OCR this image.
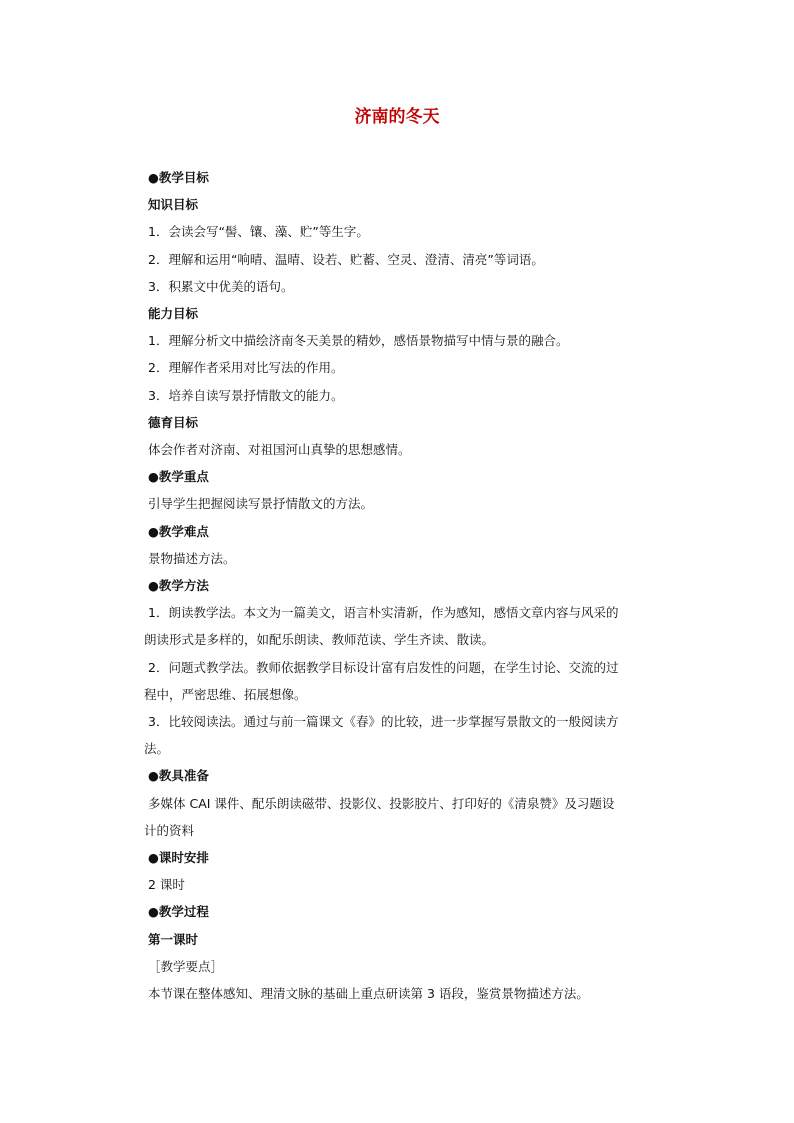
济南的冬天
●教学目标
知识目标
1．会读会写“髻、镶、藻、贮”等生字。
2．理解和运用“响晴、温晴、设若、贮蓄、空灵、澄清、清亮”等词语。
3．积累文中优美的语句。
能力目标
1．理解分析文中描绘济南冬天美景的精妙，感悟景物描写中情与景的融合。
2．理解作者采用对比写法的作用。
3．培养自读写景抒情散文的能力。
德育目标
体会作者对济南、对祖国河山真挚的思想感情。
●教学重点
引导学生把握阅读写景抒情散文的方法。
●教学难点
景物描述方法。
●教学方法
1．朗读教学法。本文为一篇美文，语言朴实清新，作为感知，感悟文章内容与风采的
朗读形式是多样的，如配乐朗读、教师范读、学生齐读、散读。
2．问题式教学法。教师依据教学目标设计富有启发性的问题，在学生讨论、交流的过
程中，严密思维、拓展想像。
3．比较阅读法。通过与前一篇课文《春》的比较，进一步掌握写景散文的一般阅读方
法。
●教具准备
多媒体 CAI 课件、配乐朗读磁带、投影仪、投影胶片、打印好的《清泉赞》及习题设
计的资料
●课时安排
2 课时
●教学过程
第一课时
［教学要点］
本节课在整体感知、理清文脉的基础上重点研读第 3 语段，鉴赏景物描述方法。
